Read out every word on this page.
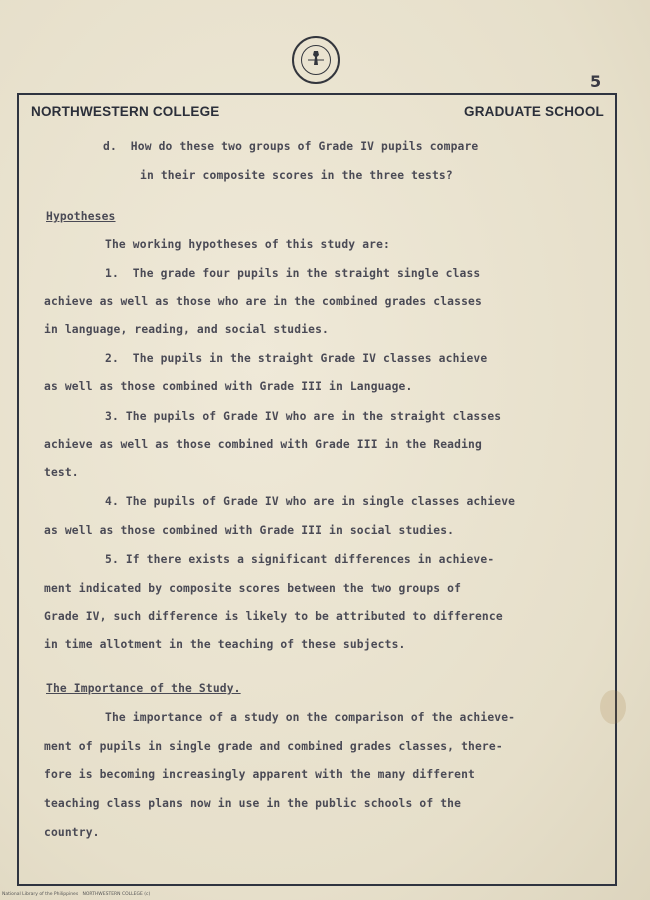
5
NORTHWESTERN COLLEGE	GRADUATE SCHOOL
d.  How do these two groups of Grade IV pupils compare
in their composite scores in the three tests?
Hypotheses
The working hypotheses of this study are:
1.  The grade four pupils in the straight single class
achieve as well as those who are in the combined grades classes
in language, reading, and social studies.
2.  The pupils in the straight Grade IV classes achieve
as well as those combined with Grade III in Language.
3. The pupils of Grade IV who are in the straight classes
achieve as well as those combined with Grade III in the Reading
test.
4. The pupils of Grade IV who are in single classes achieve
as well as those combined with Grade III in social studies.
5. If there exists a significant differences in achieve-
ment indicated by composite scores between the two groups of
Grade IV, such difference is likely to be attributed to difference
in time allotment in the teaching of these subjects.
The Importance of the Study.
The importance of a study on the comparison of the achieve-
ment of pupils in single grade and combined grades classes, there-
fore is becoming increasingly apparent with the many different
teaching class plans now in use in the public schools of the
country.
National Library of the Philippines   NORTHWESTERN COLLEGE (c)
